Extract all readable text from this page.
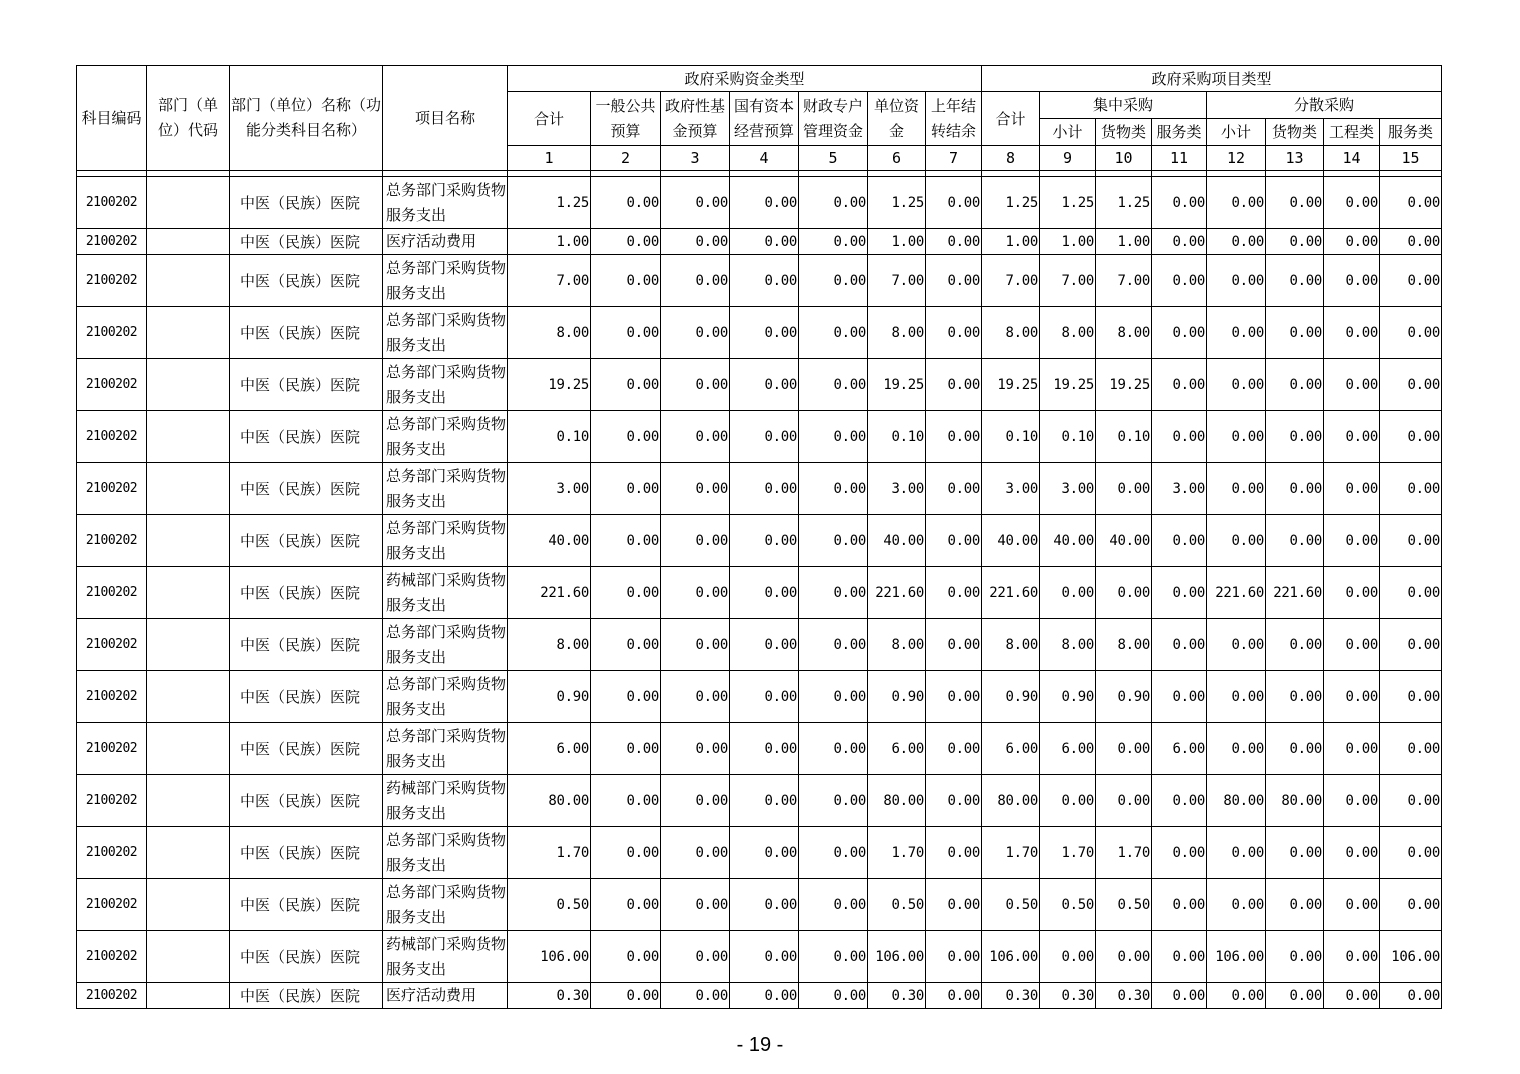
科目编码	部门（单位）代码	部门（单位）名称（功能分类科目名称）	项目名称	政府采购资金类型							政府采购项目类型							
				合计	一般公共预算	政府性基金预算	国有资本经营预算	财政专户管理资金	单位资金	上年结转结余	合计	集中采购			分散采购			
												小计	货物类	服务类	小计	货物类	工程类	服务类
				1	2	3	4	5	6	7	8	9	10	11	12	13	14	15

2100202		中医（民族）医院	总务部门采购货物服务支出	1.25	0.00	0.00	0.00	0.00	1.25	0.00	1.25	1.25	1.25	0.00	0.00	0.00	0.00	0.00
2100202		中医（民族）医院	医疗活动费用	1.00	0.00	0.00	0.00	0.00	1.00	0.00	1.00	1.00	1.00	0.00	0.00	0.00	0.00	0.00
2100202		中医（民族）医院	总务部门采购货物服务支出	7.00	0.00	0.00	0.00	0.00	7.00	0.00	7.00	7.00	7.00	0.00	0.00	0.00	0.00	0.00
2100202		中医（民族）医院	总务部门采购货物服务支出	8.00	0.00	0.00	0.00	0.00	8.00	0.00	8.00	8.00	8.00	0.00	0.00	0.00	0.00	0.00
2100202		中医（民族）医院	总务部门采购货物服务支出	19.25	0.00	0.00	0.00	0.00	19.25	0.00	19.25	19.25	19.25	0.00	0.00	0.00	0.00	0.00
2100202		中医（民族）医院	总务部门采购货物服务支出	0.10	0.00	0.00	0.00	0.00	0.10	0.00	0.10	0.10	0.10	0.00	0.00	0.00	0.00	0.00
2100202		中医（民族）医院	总务部门采购货物服务支出	3.00	0.00	0.00	0.00	0.00	3.00	0.00	3.00	3.00	0.00	3.00	0.00	0.00	0.00	0.00
2100202		中医（民族）医院	总务部门采购货物服务支出	40.00	0.00	0.00	0.00	0.00	40.00	0.00	40.00	40.00	40.00	0.00	0.00	0.00	0.00	0.00
2100202		中医（民族）医院	药械部门采购货物服务支出	221.60	0.00	0.00	0.00	0.00	221.60	0.00	221.60	0.00	0.00	0.00	221.60	221.60	0.00	0.00
2100202		中医（民族）医院	总务部门采购货物服务支出	8.00	0.00	0.00	0.00	0.00	8.00	0.00	8.00	8.00	8.00	0.00	0.00	0.00	0.00	0.00
2100202		中医（民族）医院	总务部门采购货物服务支出	0.90	0.00	0.00	0.00	0.00	0.90	0.00	0.90	0.90	0.90	0.00	0.00	0.00	0.00	0.00
2100202		中医（民族）医院	总务部门采购货物服务支出	6.00	0.00	0.00	0.00	0.00	6.00	0.00	6.00	6.00	0.00	6.00	0.00	0.00	0.00	0.00
2100202		中医（民族）医院	药械部门采购货物服务支出	80.00	0.00	0.00	0.00	0.00	80.00	0.00	80.00	0.00	0.00	0.00	80.00	80.00	0.00	0.00
2100202		中医（民族）医院	总务部门采购货物服务支出	1.70	0.00	0.00	0.00	0.00	1.70	0.00	1.70	1.70	1.70	0.00	0.00	0.00	0.00	0.00
2100202		中医（民族）医院	总务部门采购货物服务支出	0.50	0.00	0.00	0.00	0.00	0.50	0.00	0.50	0.50	0.50	0.00	0.00	0.00	0.00	0.00
2100202		中医（民族）医院	药械部门采购货物服务支出	106.00	0.00	0.00	0.00	0.00	106.00	0.00	106.00	0.00	0.00	0.00	106.00	0.00	0.00	106.00
2100202		中医（民族）医院	医疗活动费用	0.30	0.00	0.00	0.00	0.00	0.30	0.00	0.30	0.30	0.30	0.00	0.00	0.00	0.00	0.00
- 19 -
